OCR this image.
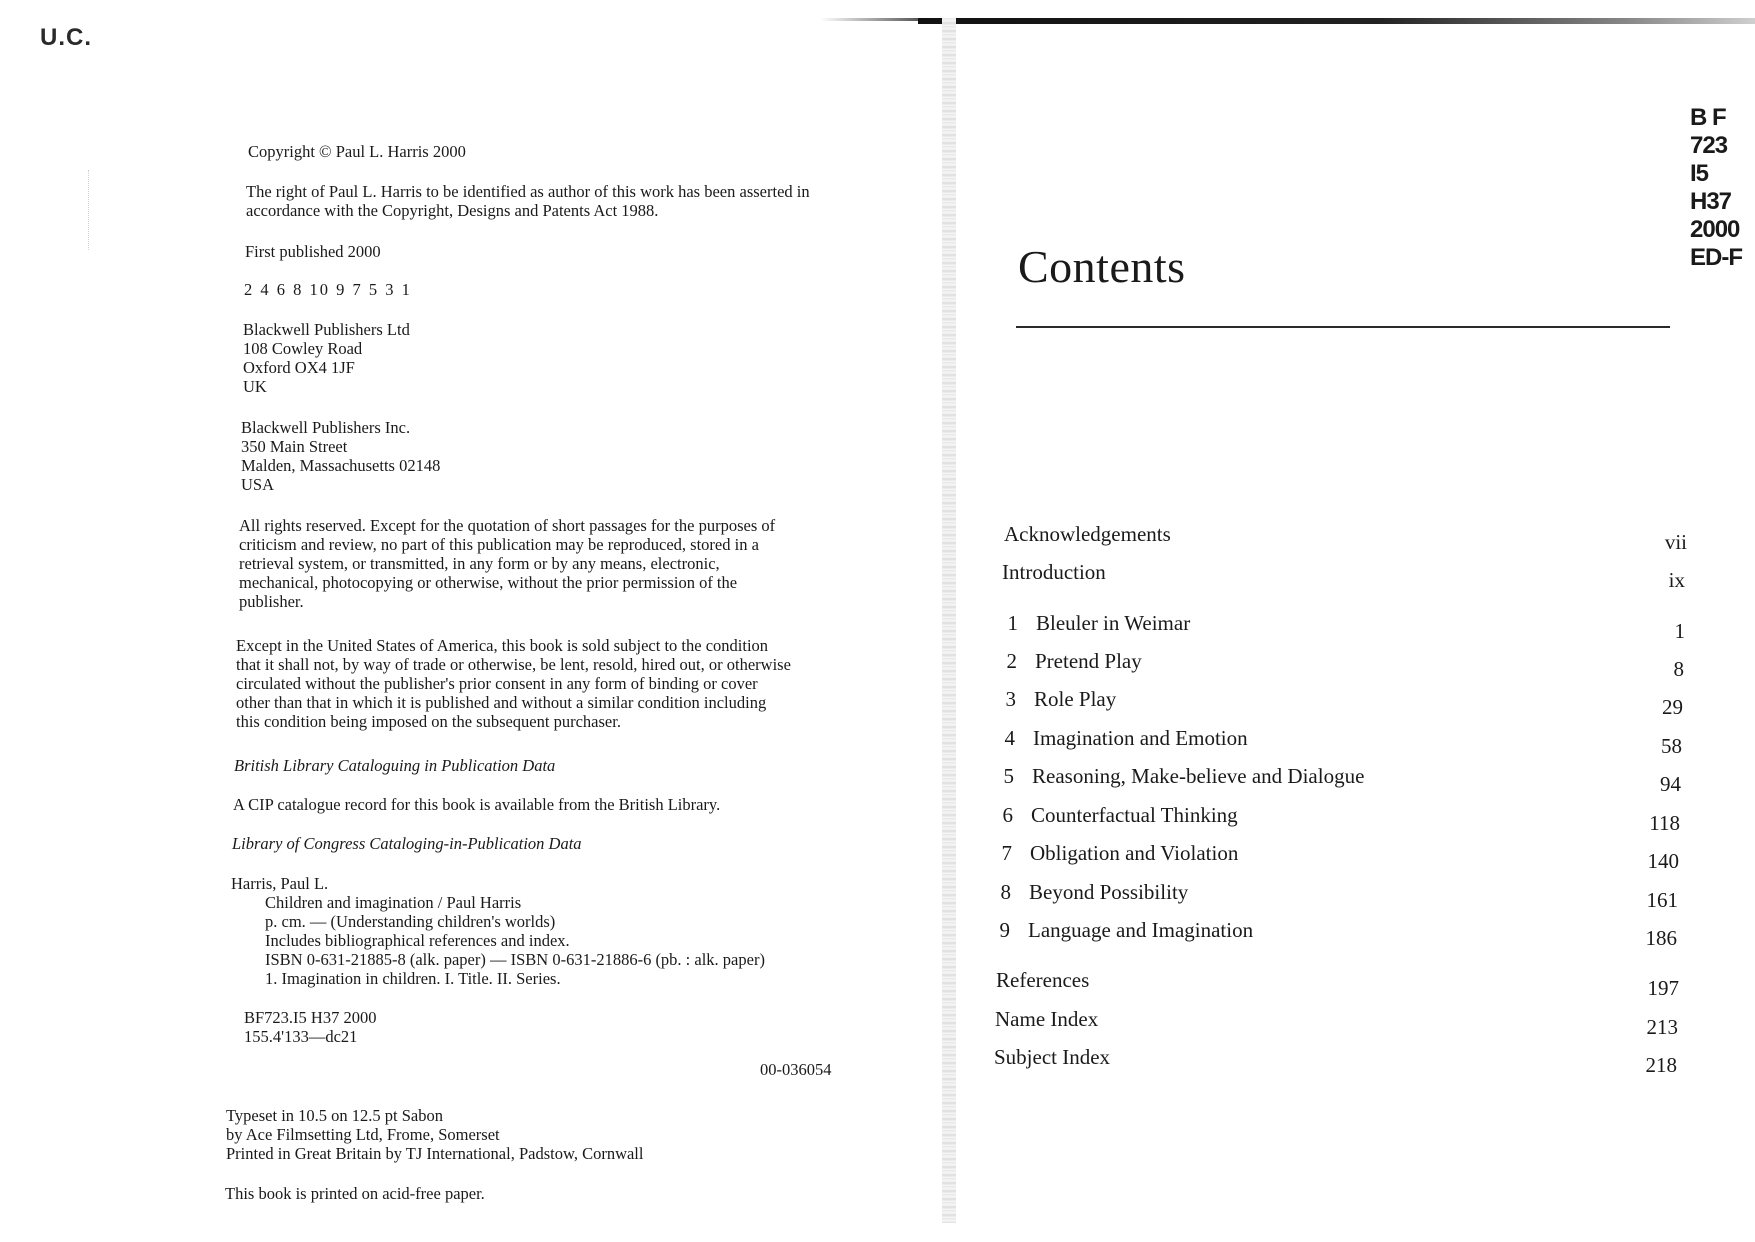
U.C.

Copyright © Paul L. Harris 2000

The right of Paul L. Harris to be identified as author of this work has been asserted in
accordance with the Copyright, Designs and Patents Act 1988.

First published 2000

2 4 6 8 10 9 7 5 3 1

Blackwell Publishers Ltd
108 Cowley Road
Oxford OX4 1JF
UK

Blackwell Publishers Inc.
350 Main Street
Malden, Massachusetts 02148
USA

All rights reserved. Except for the quotation of short passages for the purposes of
criticism and review, no part of this publication may be reproduced, stored in a
retrieval system, or transmitted, in any form or by any means, electronic,
mechanical, photocopying or otherwise, without the prior permission of the
publisher.

Except in the United States of America, this book is sold subject to the condition
that it shall not, by way of trade or otherwise, be lent, resold, hired out, or otherwise
circulated without the publisher's prior consent in any form of binding or cover
other than that in which it is published and without a similar condition including
this condition being imposed on the subsequent purchaser.

British Library Cataloguing in Publication Data

A CIP catalogue record for this book is available from the British Library.

Library of Congress Cataloging-in-Publication Data

Harris, Paul L.

Children and imagination / Paul Harris
p. cm. — (Understanding children's worlds)
Includes bibliographical references and index.
ISBN 0-631-21885-8 (alk. paper) — ISBN 0-631-21886-6 (pb. : alk. paper)
1. Imagination in children. I. Title. II. Series.

BF723.I5 H37 2000
155.4'133—dc21

00-036054

Typeset in 10.5 on 12.5 pt Sabon
by Ace Filmsetting Ltd, Frome, Somerset
Printed in Great Britain by TJ International, Padstow, Cornwall

This book is printed on acid-free paper.

B F
723
I5
H37
2000
ED-F
Contents
Acknowledgements	vii
Introduction	ix
1 Bleuler in Weimar	1
2 Pretend Play	8
3 Role Play	29
4 Imagination and Emotion	58
5 Reasoning, Make-believe and Dialogue	94
6 Counterfactual Thinking	118
7 Obligation and Violation	140
8 Beyond Possibility	161
9 Language and Imagination	186
References	197
Name Index	213
Subject Index	218
